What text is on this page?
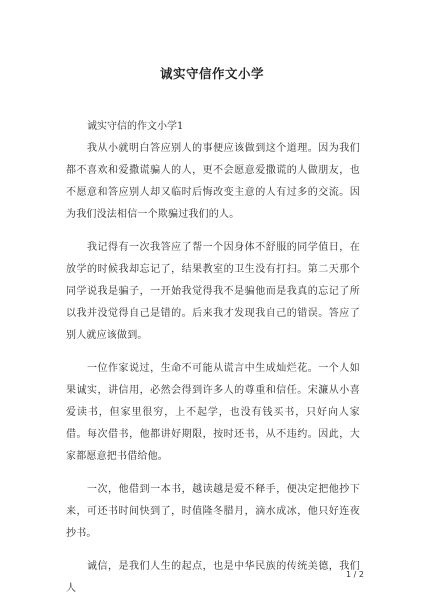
诚实守信作文小学

诚实守信的作文小学1

我从小就明白答应别人的事便应该做到这个道理。因为我们都不喜欢和爱撒谎骗人的人，更不会愿意爱撒谎的人做朋友，也不愿意和答应别人却又临时后悔改变主意的人有过多的交流。因为我们没法相信一个欺骗过我们的人。

我记得有一次我答应了帮一个因身体不舒服的同学值日，在放学的时候我却忘记了，结果教室的卫生没有打扫。第二天那个同学说我是骗子，一开始我觉得我不是骗他而是我真的忘记了所以我并没觉得自己是错的。后来我才发现我自己的错误。答应了别人就应该做到。

一位作家说过，生命不可能从谎言中生成灿烂花。一个人如果诚实，讲信用，必然会得到许多人的尊重和信任。宋濂从小喜爱读书，但家里很穷，上不起学，也没有钱买书，只好向人家借。每次借书，他都讲好期限，按时还书，从不违约。因此，大家都愿意把书借给他。

一次，他借到一本书，越读越是爱不释手，便决定把他抄下来，可还书时间快到了，时值隆冬腊月，滴水成冰，他只好连夜抄书。

诚信，是我们人生的起点，也是中华民族的传统美德，我们人

1 / 2
